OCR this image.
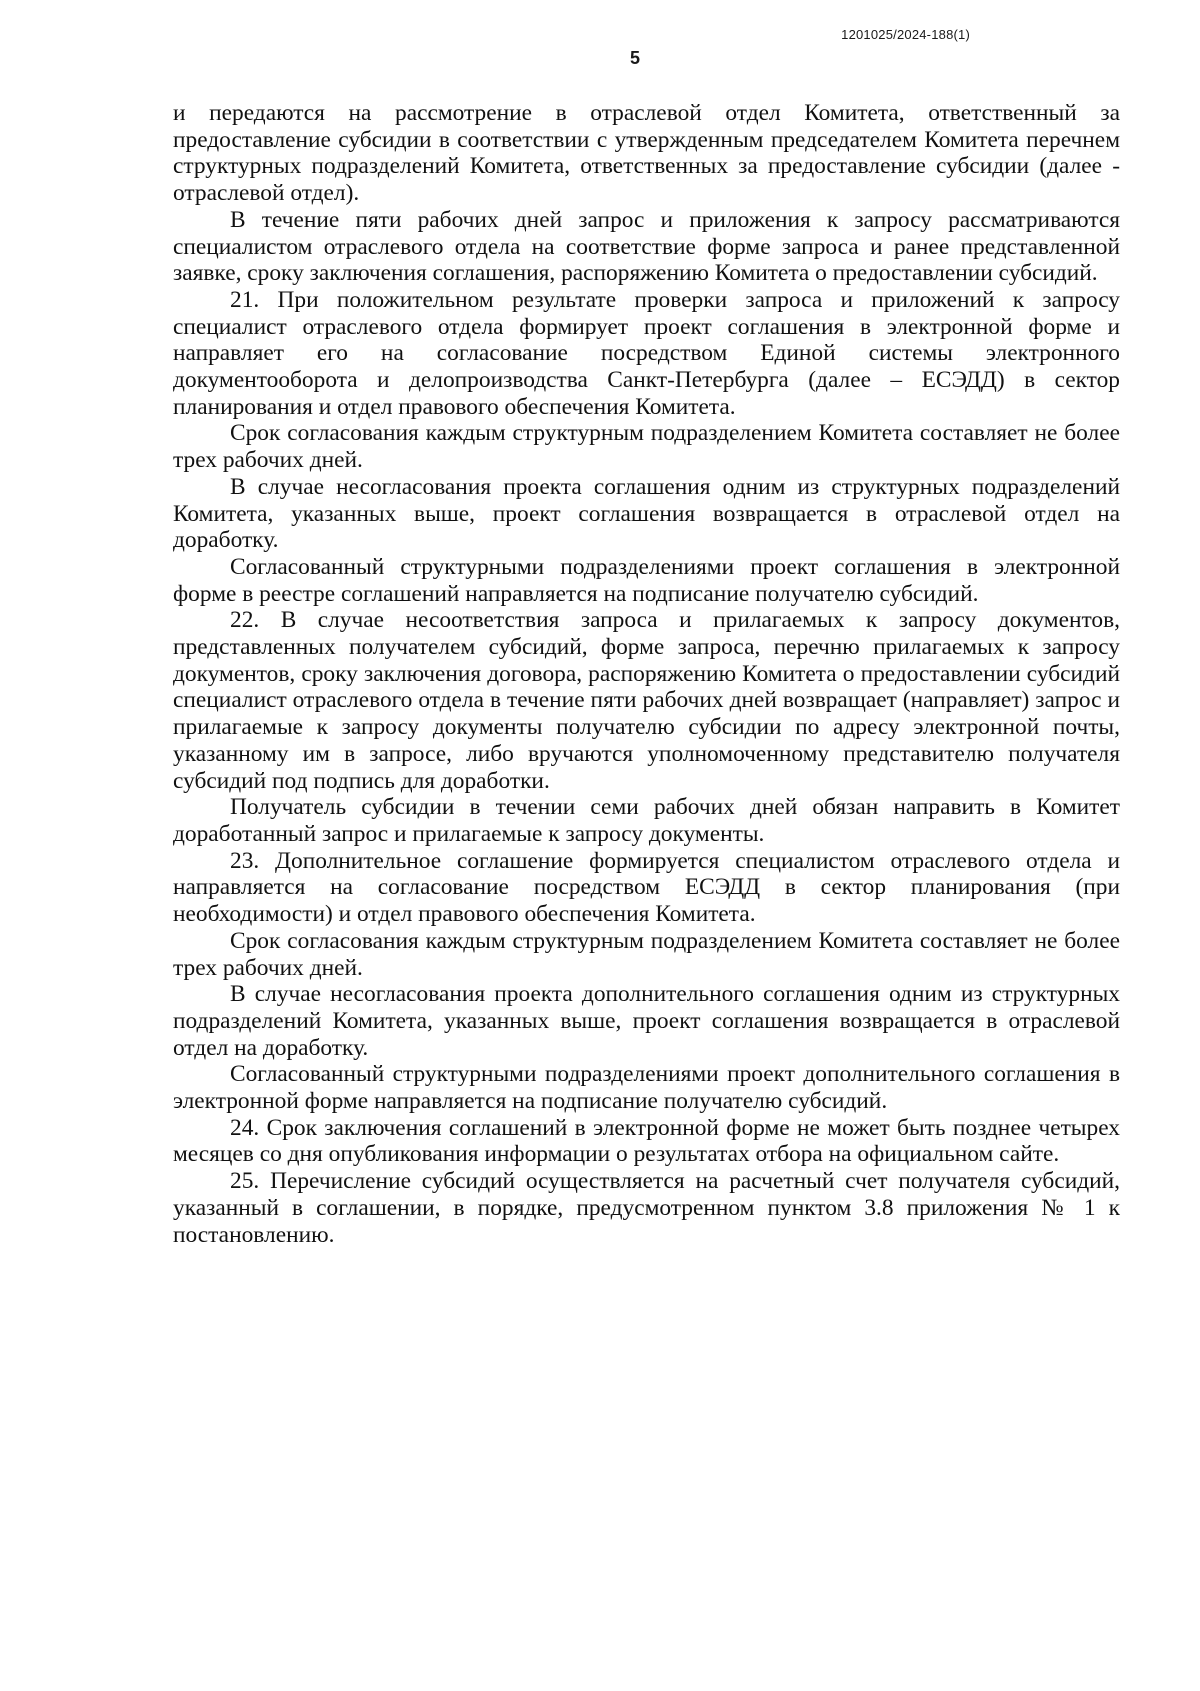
1201025/2024-188(1)
5

и передаются на рассмотрение в отраслевой отдел Комитета, ответственный за предоставление субсидии в соответствии с утвержденным председателем Комитета перечнем структурных подразделений Комитета, ответственных за предоставление субсидии (далее - отраслевой отдел).

В течение пяти рабочих дней запрос и приложения к запросу рассматриваются специалистом отраслевого отдела на соответствие форме запроса и ранее представленной заявке, сроку заключения соглашения, распоряжению Комитета о предоставлении субсидий.

21. При положительном результате проверки запроса и приложений к запросу специалист отраслевого отдела формирует проект соглашения в электронной форме и направляет его на согласование посредством Единой системы электронного документооборота и делопроизводства Санкт-Петербурга (далее – ЕСЭДД) в сектор планирования и отдел правового обеспечения Комитета.

Срок согласования каждым структурным подразделением Комитета составляет не более трех рабочих дней.

В случае несогласования проекта соглашения одним из структурных подразделений Комитета, указанных выше, проект соглашения возвращается в отраслевой отдел на доработку.

Согласованный структурными подразделениями проект соглашения в электронной форме в реестре соглашений направляется на подписание получателю субсидий.

22. В случае несоответствия запроса и прилагаемых к запросу документов, представленных получателем субсидий, форме запроса, перечню прилагаемых к запросу документов, сроку заключения договора, распоряжению Комитета о предоставлении субсидий специалист отраслевого отдела в течение пяти рабочих дней возвращает (направляет) запрос и прилагаемые к запросу документы получателю субсидии по адресу электронной почты, указанному им в запросе, либо вручаются уполномоченному представителю получателя субсидий под подпись для доработки.

Получатель субсидии в течении семи рабочих дней обязан направить в Комитет доработанный запрос и прилагаемые к запросу документы.

23. Дополнительное соглашение формируется специалистом отраслевого отдела и направляется на согласование посредством ЕСЭДД в сектор планирования (при необходимости) и отдел правового обеспечения Комитета.

Срок согласования каждым структурным подразделением Комитета составляет не более трех рабочих дней.

В случае несогласования проекта дополнительного соглашения одним из структурных подразделений Комитета, указанных выше, проект соглашения возвращается в отраслевой отдел на доработку.

Согласованный структурными подразделениями проект дополнительного соглашения в электронной форме направляется на подписание получателю субсидий.

24. Срок заключения соглашений в электронной форме не может быть позднее четырех месяцев со дня опубликования информации о результатах отбора на официальном сайте.

25. Перечисление субсидий осуществляется на расчетный счет получателя субсидий, указанный в соглашении, в порядке, предусмотренном пунктом 3.8 приложения № 1 к постановлению.
